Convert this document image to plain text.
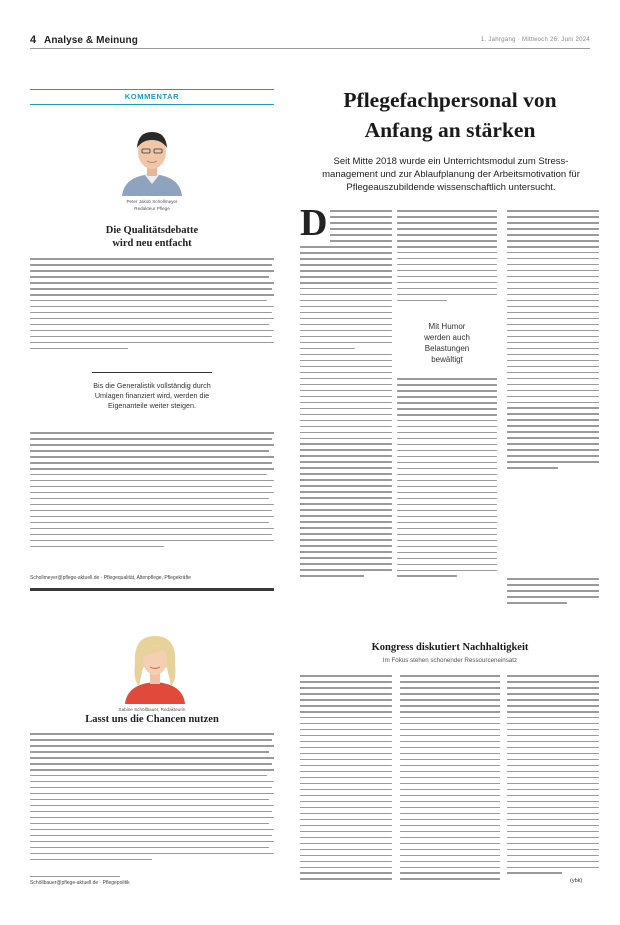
4 Analyse & Meinung	1. Jahrgang · Mittwoch 26. Juni 2024
KOMMENTAR
Peter Jakob Schollmeyer
Redakteur Pflege
Die Qualitätsdebatte
wird neu entfacht
Bis die Generalistik vollständig durch
Umlagen finanziert wird, werden die
Eigenanteile weiter steigen.
Schollmeyer@pflege-aktuell.de · Pflegequalität, Altenpflege, Pflegekräfte
Sabine Schöllbauer, Redakteurin
Lasst uns die Chancen nutzen
Schöllbauer@pflege-aktuell.de · Pflegepolitik
Pflegefachpersonal von
Anfang an stärken
Seit Mitte 2018 wurde ein Unterrichtsmodul zum Stress-
management und zur Ablaufplanung der Arbeitsmotivation für
Pflegeauszubildende wissenschaftlich untersucht.
D
Mit Humor
werden auch
Belastungen
bewältigt
Kongress diskutiert Nachhaltigkeit
Im Fokus stehen schonender Ressourceneinsatz
(ybk)
